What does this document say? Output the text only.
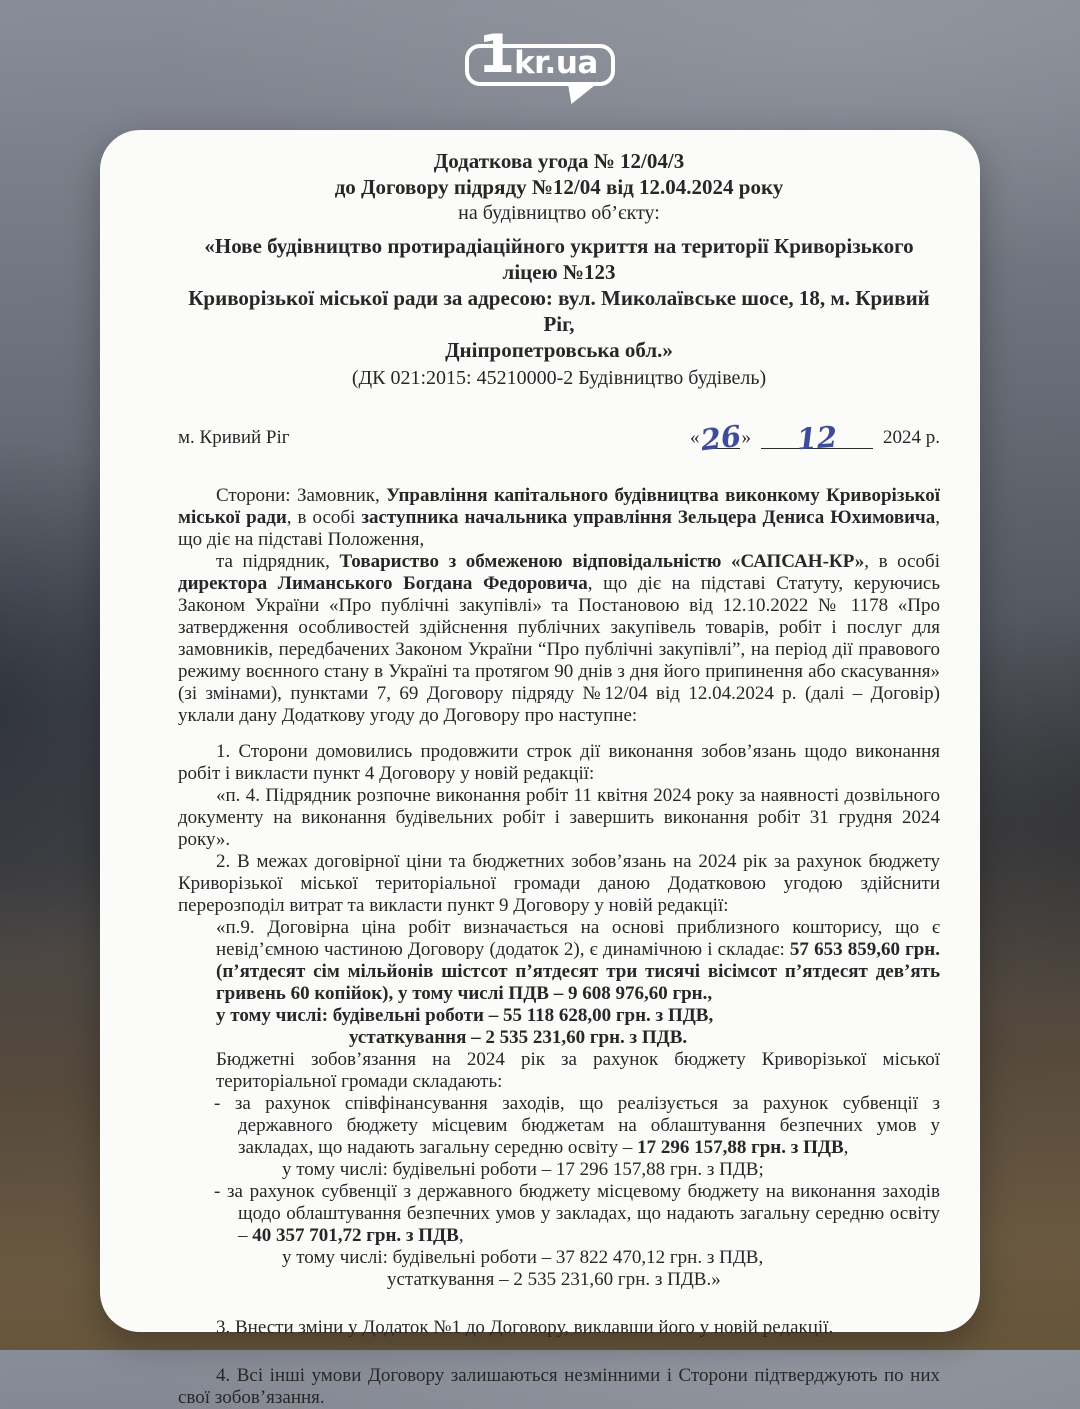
1 kr.ua
Додаткова угода № 12/04/3
до Договору підряду №12/04 від 12.04.2024 року
на будівництво об’єкту:
«Нове будівництво протирадіаційного укриття на території Криворізького ліцею №123
Криворізької міської ради за адресою: вул. Миколаївське шосе, 18, м. Кривий Ріг,
Дніпропетровська обл.»
(ДК 021:2015: 45210000-2 Будівництво будівель)
м. Кривий Ріг	«
26
» 12 2024 р.

Сторони: Замовник, Управління капітального будівництва виконкому Криворізької міської ради, в особі заступника начальника управління Зельцера Дениса Юхимовича, що діє на підставі Положення,

та підрядник, Товариство з обмеженою відповідальністю «САПСАН-КР», в особі директора Лиманського Богдана Федоровича, що діє на підставі Статуту, керуючись Законом України «Про публічні закупівлі» та Постановою від 12.10.2022 № 1178 «Про затвердження особливостей здійснення публічних закупівель товарів, робіт і послуг для замовників, передбачених Законом України “Про публічні закупівлі”, на період дії правового режиму воєнного стану в Україні та протягом 90 днів з дня його припинення або скасування» (зі змінами), пунктами 7, 69 Договору підряду №12/04 від 12.04.2024 р. (далі – Договір) уклали дану Додаткову угоду до Договору про наступне:

1. Сторони домовились продовжити строк дії виконання зобов’язань щодо виконання робіт і викласти пункт 4 Договору у новій редакції:

«п. 4. Підрядник розпочне виконання робіт 11 квітня 2024 року за наявності дозвільного документу на виконання будівельних робіт і завершить виконання робіт 31 грудня 2024 року».

2. В межах договірної ціни та бюджетних зобов’язань на 2024 рік за рахунок бюджету Криворізької міської територіальної громади даною Додатковою угодою здійснити перерозподіл витрат та викласти пункт 9 Договору у новій редакції:

«п.9. Договірна ціна робіт визначається на основі приблизного кошторису, що є невід’ємною частиною Договору (додаток 2), є динамічною і складає: 57 653 859,60 грн. (п’ятдесят сім мільйонів шістсот п’ятдесят три тисячі вісімсот п’ятдесят дев’ять гривень 60 копійок), у тому числі ПДВ – 9 608 976,60 грн.,

у тому числі: будівельні роботи – 55 118 628,00 грн. з ПДВ,

устаткування – 2 535 231,60 грн. з ПДВ.

Бюджетні зобов’язання на 2024 рік за рахунок бюджету Криворізької міської територіальної громади складають:

- за рахунок співфінансування заходів, що реалізується за рахунок субвенції з державного бюджету місцевим бюджетам на облаштування безпечних умов у закладах, що надають загальну середню освіту – 17 296 157,88 грн. з ПДВ,

у тому числі: будівельні роботи – 17 296 157,88 грн. з ПДВ;

- за рахунок субвенції з державного бюджету місцевому бюджету на виконання заходів щодо облаштування безпечних умов у закладах, що надають загальну середню освіту – 40 357 701,72 грн. з ПДВ,

у тому числі: будівельні роботи – 37 822 470,12 грн. з ПДВ,

устаткування – 2 535 231,60 грн. з ПДВ.»

3. Внести зміни у Додаток №1 до Договору, виклавши його у новій редакції.

4. Всі інші умови Договору залишаються незмінними і Сторони підтверджують по них свої зобов’язання.
